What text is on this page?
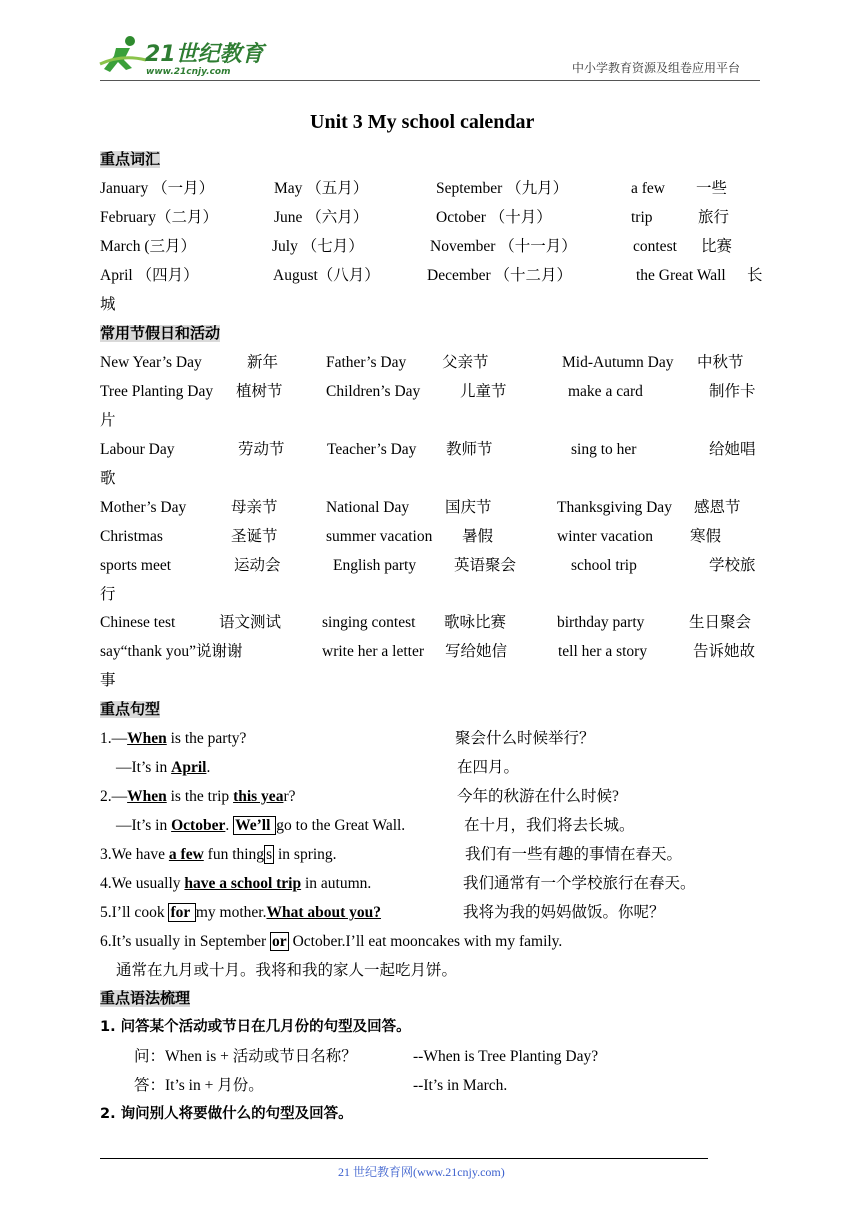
21世纪教育
www.21cnjy.com	中小学教育资源及组卷应用平台
Unit 3 My school calendar
重点词汇
January （一月）	May （五月）	September （九月）	a few 一些
February（二月）	June （六月）	October （十月）	trip	旅行
March (三月）	July （七月）	November （十一月）	contest 比赛
April （四月）	August（八月）	December （十二月）	the Great Wall 长
城
常用节假日和活动
New Year’s Day	新年	Father’s Day 父亲节	Mid-Autumn Day 中秋节
Tree Planting Day 植树节	Children’s Day	儿童节	make a card	制作卡
片
Labour Day	劳动节	Teacher’s Day 教师节	sing to her	给她唱
歌
Mother’s Day	母亲节	National Day 国庆节	Thanksgiving Day 感恩节
Christmas	圣诞节	summer vacation 暑假	winter vacation 寒假
sports meet	运动会	English party 英语聚会	school trip	学校旅
行
Chinese test	语文测试	singing contest 歌咏比赛	birthday party	生日聚会
say“thank you”说谢谢	write her a letter 写给她信	tell her a story	告诉她故
事
重点句型
1.—When is the party?	聚会什么时候举行？
—It’s in April.	在四月。
2.—When is the trip this year?	今年的秋游在什么时候?
—It’s in October. We’ll go to the Great Wall.	在十月，我们将去长城。
3.We have a few fun thing s in spring.	我们有一些有趣的事情在春天。
4.We usually have a school trip in autumn.	我们通常有一个学校旅行在春天。
5.I’ll cook for my mother.What about you?	我将为我的妈妈做饭。你呢？
6.It’s usually in September or October.I’ll eat mooncakes with my family.
通常在九月或十月。我将和我的家人一起吃月饼。
重点语法梳理
1. 问答某个活动或节日在几月份的句型及回答。
问：When is + 活动或节日名称？	--When is Tree Planting Day?
答：It’s in + 月份。	--It’s in March.
2. 询问别人将要做什么的句型及回答。
21 世纪教育网(www.21cnjy.com)
